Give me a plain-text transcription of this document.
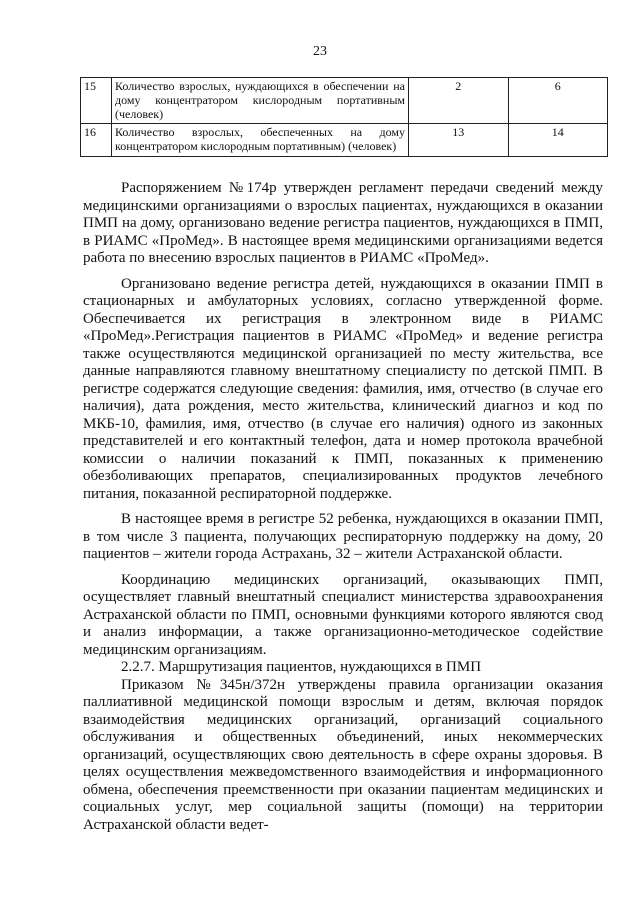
23
15	Количество взрослых, нуждающихся в обеспечении на дому концентратором кислородным портативным (человек)	2	6
16	Количество взрослых, обеспеченных на дому концентратором кислородным портативным) (человек)	13	14

Распоряжением №174р утвержден регламент передачи сведений между медицинскими организациями о взрослых пациентах, нуждающихся в оказании ПМП на дому, организовано ведение регистра пациентов, нуждающихся в ПМП, в РИАМС «ПроМед». В настоящее время медицинскими организациями ведется работа по внесению взрослых пациентов в РИАМС «ПроМед».

Организовано ведение регистра детей, нуждающихся в оказании ПМП в стационарных и амбулаторных условиях, согласно утвержденной форме. Обеспечивается их регистрация в электронном виде в РИАМС «ПроМед».Регистрация пациентов в РИАМС «ПроМед» и ведение регистра также осуществляются медицинской организацией по месту жительства, все данные направляются главному внештатному специалисту по детской ПМП. В регистре содержатся следующие сведения: фамилия, имя, отчество (в случае его наличия), дата рождения, место жительства, клинический диагноз и код по МКБ-10, фамилия, имя, отчество (в случае его наличия) одного из законных представителей и его контактный телефон, дата и номер протокола врачебной комиссии о наличии показаний к ПМП, показанных к применению обезболивающих препаратов, специализированных продуктов лечебного питания, показанной респираторной поддержке.

В настоящее время в регистре 52 ребенка, нуждающихся в оказании ПМП, в том числе 3 пациента, получающих респираторную поддержку на дому, 20 пациентов – жители города Астрахань, 32 – жители Астраханской области.

Координацию медицинских организаций, оказывающих ПМП, осуществляет главный внештатный специалист министерства здравоохранения Астраханской области по ПМП, основными функциями которого являются свод и анализ информации, а также организационно-методическое содействие медицинским организациям.

2.2.7. Маршрутизация пациентов, нуждающихся в ПМП

Приказом №345н/372н утверждены правила организации оказания паллиативной медицинской помощи взрослым и детям, включая порядок взаимодействия медицинских организаций, организаций социального обслуживания и общественных объединений, иных некоммерческих организаций, осуществляющих свою деятельность в сфере охраны здоровья. В целях осуществления межведомственного взаимодействия и информационного обмена, обеспечения преемственности при оказании пациентам медицинских и социальных услуг, мер социальной защиты (помощи) на территории Астраханской области ведет-
